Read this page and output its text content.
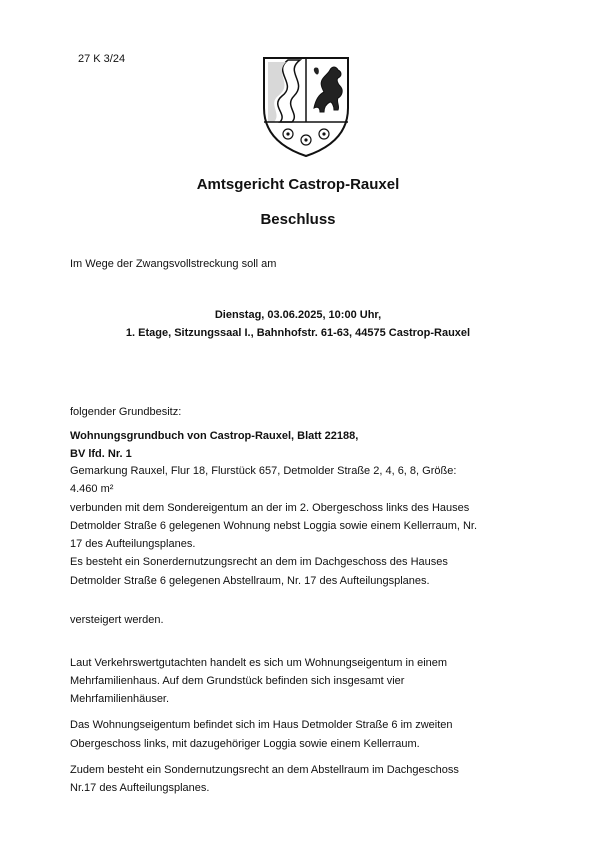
27 K 3/24
Amtsgericht Castrop-Rauxel
Beschluss
Im Wege der Zwangsvollstreckung soll am
Dienstag, 03.06.2025, 10:00 Uhr,
1. Etage, Sitzungssaal I., Bahnhofstr. 61-63, 44575 Castrop-Rauxel
folgender Grundbesitz:
Wohnungsgrundbuch von Castrop-Rauxel, Blatt 22188,
BV lfd. Nr. 1
Gemarkung Rauxel, Flur 18, Flurstück 657, Detmolder Straße 2, 4, 6, 8, Größe:
4.460 m²
verbunden mit dem Sondereigentum an der im 2. Obergeschoss links des Hauses
Detmolder Straße 6 gelegenen Wohnung nebst Loggia sowie einem Kellerraum, Nr.
17 des Aufteilungsplanes.
Es besteht ein Sonerdernutzungsrecht an dem im Dachgeschoss des Hauses
Detmolder Straße 6 gelegenen Abstellraum, Nr. 17 des Aufteilungsplanes.
versteigert werden.
Laut Verkehrswertgutachten handelt es sich um Wohnungseigentum in einem
Mehrfamilienhaus. Auf dem Grundstück befinden sich insgesamt vier
Mehrfamilienhäuser.
Das Wohnungseigentum befindet sich im Haus Detmolder Straße 6 im zweiten
Obergeschoss links, mit dazugehöriger Loggia sowie einem Kellerraum.
Zudem besteht ein Sondernutzungsrecht an dem Abstellraum im Dachgeschoss
Nr.17 des Aufteilungsplanes.
